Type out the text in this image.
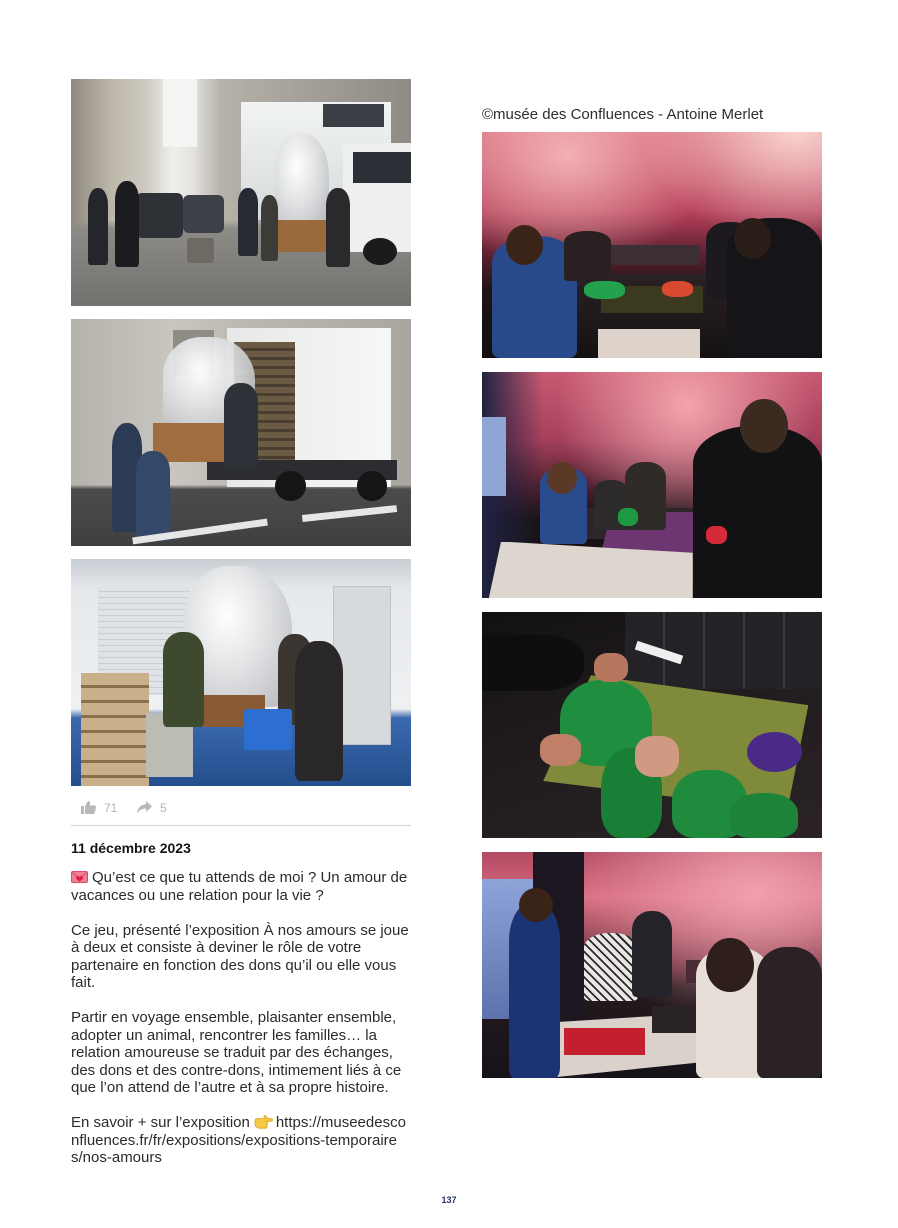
71	5
11 décembre 2023
Qu’est ce que tu attends de moi ? Un amour de
vacances ou une relation pour la vie ?
Ce jeu, présenté l’exposition À nos amours se joue
à deux et consiste à deviner le rôle de votre
partenaire en fonction des dons qu’il ou elle vous
fait.
Partir en voyage ensemble, plaisanter ensemble,
adopter un animal, rencontrer les familles… la
relation amoureuse se traduit par des échanges,
des dons et des contre-dons, intimement liés à ce
que l’on attend de l’autre et à sa propre histoire.
En savoir + sur l’exposition https://museedesco
nfluences.fr/fr/expositions/expositions-temporaire
s/nos-amours
©musée des Confluences - Antoine Merlet
137
